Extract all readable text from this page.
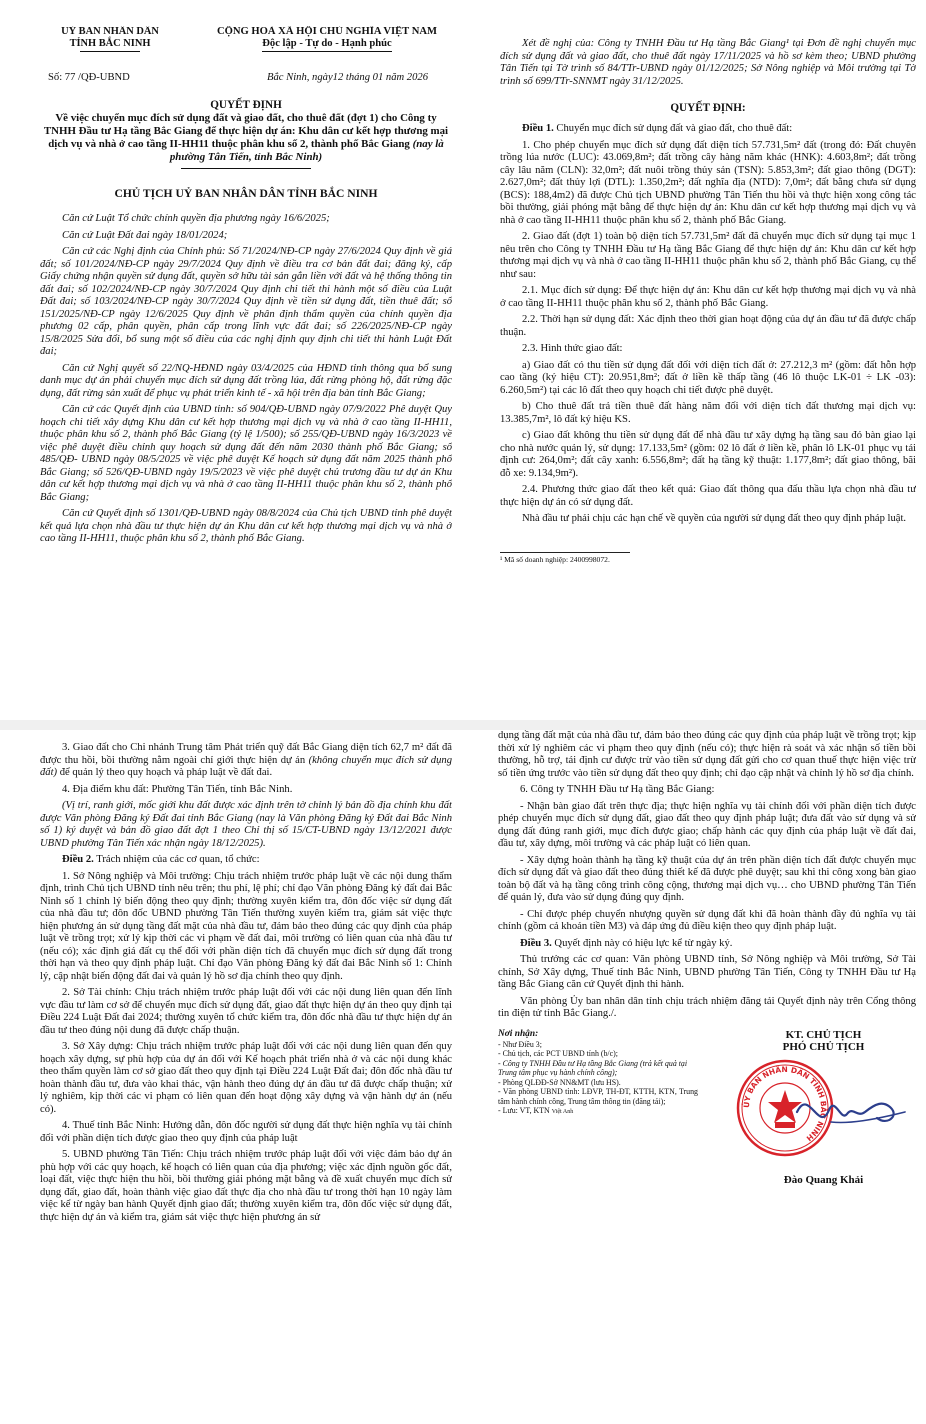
UỶ BAN NHÂN DÂN
TỈNH BẮC NINH
CỘNG HOÀ XÃ HỘI CHỦ NGHĨA VIỆT NAM
Độc lập - Tự do - Hạnh phúc
Số: 77 /QĐ-UBND	Bắc Ninh, ngày12 tháng 01 năm 2026
QUYẾT ĐỊNH
Về việc chuyển mục đích sử dụng đất và giao đất, cho thuê đất (đợt 1) cho Công ty TNHH Đầu tư Hạ tầng Bắc Giang để thực hiện dự án: Khu dân cư kết hợp thương mại dịch vụ và nhà ở cao tầng II-HH11 thuộc phân khu số 2, thành phố Bắc Giang (nay là phường Tân Tiến, tỉnh Bắc Ninh)
CHỦ TỊCH UỶ BAN NHÂN DÂN TỈNH BẮC NINH

Căn cứ Luật Tổ chức chính quyền địa phương ngày 16/6/2025;

Căn cứ Luật Đất đai ngày 18/01/2024;

Căn cứ các Nghị định của Chính phủ: Số 71/2024/NĐ-CP ngày 27/6/2024 Quy định về giá đất; số 101/2024/NĐ-CP ngày 29/7/2024 Quy định về điều tra cơ bản đất đai; đăng ký, cấp Giấy chứng nhận quyền sử dụng đất, quyền sở hữu tài sản gắn liền với đất và hệ thống thông tin đất đai; số 102/2024/NĐ-CP ngày 30/7/2024 Quy định chi tiết thi hành một số điều của Luật Đất đai; số 103/2024/NĐ-CP ngày 30/7/2024 Quy định về tiền sử dụng đất, tiền thuê đất; số 151/2025/NĐ-CP ngày 12/6/2025 Quy định về phân định thẩm quyền của chính quyền địa phương 02 cấp, phân quyền, phân cấp trong lĩnh vực đất đai; số 226/2025/NĐ-CP ngày 15/8/2025 Sửa đổi, bổ sung một số điều của các nghị định quy định chi tiết thi hành Luật Đất đai;

Căn cứ Nghị quyết số 22/NQ-HĐND ngày 03/4/2025 của HĐND tỉnh thông qua bổ sung danh mục dự án phải chuyển mục đích sử dụng đất trồng lúa, đất rừng phòng hộ, đất rừng đặc dụng, đất rừng sản xuất để phục vụ phát triển kinh tế - xã hội trên địa bàn tỉnh Bắc Giang;

Căn cứ các Quyết định của UBND tỉnh: số 904/QĐ-UBND ngày 07/9/2022 Phê duyệt Quy hoạch chi tiết xây dựng Khu dân cư kết hợp thương mại dịch vụ và nhà ở cao tầng II-HH11, thuộc phân khu số 2, thành phố Bắc Giang (tỷ lệ 1/500); số 255/QĐ-UBND ngày 16/3/2023 về việc phê duyệt điều chỉnh quy hoạch sử dụng đất đến năm 2030 thành phố Bắc Giang; số 485/QĐ- UBND ngày 08/5/2025 về việc phê duyệt Kế hoạch sử dụng đất năm 2025 thành phố Bắc Giang; số 526/QĐ-UBND ngày 19/5/2023 về việc phê duyệt chủ trương đầu tư dự án Khu dân cư kết hợp thương mại dịch vụ và nhà ở cao tầng II-HH11 thuộc phân khu số 2, thành phố Bắc Giang;

Căn cứ Quyết định số 1301/QĐ-UBND ngày 08/8/2024 của Chủ tịch UBND tỉnh phê duyệt kết quả lựa chọn nhà đầu tư thực hiện dự án Khu dân cư kết hợp thương mại dịch vụ và nhà ở cao tầng II-HH11, thuộc phân khu số 2, thành phố Bắc Giang.

Xét đề nghị của: Công ty TNHH Đầu tư Hạ tầng Bắc Giang¹ tại Đơn đề nghị chuyển mục đích sử dụng đất và giao đất, cho thuê đất ngày 17/11/2025 và hồ sơ kèm theo; UBND phường Tân Tiến tại Tờ trình số 84/TTr-UBND ngày 01/12/2025; Sở Nông nghiệp và Môi trường tại Tờ trình số 699/TTr-SNNMT ngày 31/12/2025.

QUYẾT ĐỊNH:

Điều 1. Chuyển mục đích sử dụng đất và giao đất, cho thuê đất:

1. Cho phép chuyển mục đích sử dụng đất diện tích 57.731,5m² đất (trong đó: Đất chuyên trồng lúa nước (LUC): 43.069,8m²; đất trồng cây hàng năm khác (HNK): 4.603,8m²; đất trồng cây lâu năm (CLN): 32,0m²; đất nuôi trồng thủy sản (TSN): 5.853,3m²; đất giao thông (DGT): 2.627,0m²; đất thủy lợi (DTL): 1.350,2m²; đất nghĩa địa (NTD): 7,0m²; đất bằng chưa sử dụng (BCS): 188,4m2) đã được Chủ tịch UBND phường Tân Tiến thu hồi và thực hiện xong công tác bồi thường, giải phóng mặt bằng để thực hiện dự án: Khu dân cư kết hợp thương mại dịch vụ và nhà ở cao tầng II-HH11 thuộc phân khu số 2, thành phố Bắc Giang.

2. Giao đất (đợt 1) toàn bộ diện tích 57.731,5m² đất đã chuyển mục đích sử dụng tại mục 1 nêu trên cho Công ty TNHH Đầu tư Hạ tầng Bắc Giang để thực hiện dự án: Khu dân cư kết hợp thương mại dịch vụ và nhà ở cao tầng II-HH11 thuộc phân khu số 2, thành phố Bắc Giang, cụ thể như sau:

2.1. Mục đích sử dụng: Để thực hiện dự án: Khu dân cư kết hợp thương mại dịch vụ và nhà ở cao tầng II-HH11 thuộc phân khu số 2, thành phố Bắc Giang.

2.2. Thời hạn sử dụng đất: Xác định theo thời gian hoạt động của dự án đầu tư đã được chấp thuận.

2.3. Hình thức giao đất:

a) Giao đất có thu tiền sử dụng đất đối với diện tích đất ở: 27.212,3 m² (gồm: đất hỗn hợp cao tầng (ký hiệu CT): 20.951,8m²; đất ở liền kề thấp tầng (46 lô thuộc LK-01 ÷ LK -03): 6.260,5m²) tại các lô đất theo quy hoạch chi tiết được phê duyệt.

b) Cho thuê đất trả tiền thuê đất hàng năm đối với diện tích đất thương mại dịch vụ: 13.385,7m², lô đất ký hiệu KS.

c) Giao đất không thu tiền sử dụng đất để nhà đầu tư xây dựng hạ tầng sau đó bàn giao lại cho nhà nước quản lý, sử dụng: 17.133,5m² (gồm: 02 lô đất ở liền kề, phân lô LK-01 phục vụ tái định cư: 264,0m²; đất cây xanh: 6.556,8m²; đất hạ tầng kỹ thuật: 1.177,8m²; đất giao thông, bãi đỗ xe: 9.134,9m²).

2.4. Phương thức giao đất theo kết quả: Giao đất thông qua đấu thầu lựa chọn nhà đầu tư thực hiện dự án có sử dụng đất.

Nhà đầu tư phải chịu các hạn chế về quyền của người sử dụng đất theo quy định pháp luật.

¹ Mã số doanh nghiệp: 2400998072.

3. Giao đất cho Chi nhánh Trung tâm Phát triển quỹ đất Bắc Giang diện tích 62,7 m² đất đã được thu hồi, bồi thường nằm ngoài chỉ giới thực hiện dự án (không chuyển mục đích sử dụng đất) để quản lý theo quy hoạch và pháp luật về đất đai.

4. Địa điểm khu đất: Phường Tân Tiến, tỉnh Bắc Ninh.

(Vị trí, ranh giới, mốc giới khu đất được xác định trên tờ chỉnh lý bản đồ địa chính khu đất được Văn phòng Đăng ký Đất đai tỉnh Bắc Giang (nay là Văn phòng Đăng ký Đất đai Bắc Ninh số 1) ký duyệt và bản đồ giao đất đợt 1 theo Chỉ thị số 15/CT-UBND ngày 13/12/2021 được UBND phường Tân Tiến xác nhận ngày 18/12/2025).

Điều 2. Trách nhiệm của các cơ quan, tổ chức:

1. Sở Nông nghiệp và Môi trường: Chịu trách nhiệm trước pháp luật về các nội dung thẩm định, trình Chủ tịch UBND tỉnh nêu trên; thu phí, lệ phí; chỉ đạo Văn phòng Đăng ký đất đai Bắc Ninh số 1 chỉnh lý biến động theo quy định; thường xuyên kiểm tra, đôn đốc việc sử dụng đất của nhà đầu tư; đôn đốc UBND phường Tân Tiến thường xuyên kiểm tra, giám sát việc thực hiện phương án sử dụng tầng đất mặt của nhà đầu tư, đảm bảo theo đúng các quy định của pháp luật về trồng trọt; xử lý kịp thời các vi phạm về đất đai, môi trường có liên quan của nhà đầu tư (nếu có); xác định giá đất cụ thể đối với phần diện tích đã chuyển mục đích sử dụng đất trong thời hạn và theo quy định pháp luật. Chỉ đạo Văn phòng Đăng ký đất đai Bắc Ninh số 1: Chỉnh lý, cập nhật biến động đất đai và quản lý hồ sơ địa chính theo quy định.

2. Sở Tài chính: Chịu trách nhiệm trước pháp luật đối với các nội dung liên quan đến lĩnh vực đầu tư làm cơ sở để chuyển mục đích sử dụng đất, giao đất thực hiện dự án theo quy định tại Điều 224 Luật Đất đai 2024; thường xuyên tổ chức kiểm tra, đôn đốc nhà đầu tư thực hiện dự án đầu tư theo đúng nội dung đã được chấp thuận.

3. Sở Xây dựng: Chịu trách nhiệm trước pháp luật đối với các nội dung liên quan đến quy hoạch xây dựng, sự phù hợp của dự án đối với Kế hoạch phát triển nhà ở và các nội dung khác theo thẩm quyền làm cơ sở giao đất theo quy định tại Điều 224 Luật Đất đai; đôn đốc nhà đầu tư hoàn thành đầu tư, đưa vào khai thác, vận hành theo đúng dự án đầu tư đã được chấp thuận; xử lý nghiêm, kịp thời các vi phạm có liên quan đến hoạt động xây dựng và vận hành dự án (nếu có).

4. Thuế tỉnh Bắc Ninh: Hướng dẫn, đôn đốc người sử dụng đất thực hiện nghĩa vụ tài chính đối với phần diện tích được giao theo quy định của pháp luật

5. UBND phường Tân Tiến: Chịu trách nhiệm trước pháp luật đối với việc đảm bảo dự án phù hợp với các quy hoạch, kế hoạch có liên quan của địa phương; việc xác định nguồn gốc đất, loại đất, việc thực hiện thu hồi, bồi thường giải phóng mặt bằng và đề xuất chuyển mục đích sử dụng đất, giao đất, hoàn thành việc giao đất thực địa cho nhà đầu tư trong thời hạn 10 ngày làm việc kể từ ngày ban hành Quyết định giao đất; thường xuyên kiểm tra, đôn đốc việc sử dụng đất, thực hiện dự án và kiểm tra, giám sát việc thực hiện phương án sử

dụng tầng đất mặt của nhà đầu tư, đảm bảo theo đúng các quy định của pháp luật về trồng trọt; kịp thời xử lý nghiêm các vi phạm theo quy định (nếu có); thực hiện rà soát và xác nhận số tiền bồi thường, hỗ trợ, tái định cư được trừ vào tiền sử dụng đất gửi cho cơ quan thuế thực hiện việc trừ số tiền ứng trước vào tiền sử dụng đất theo quy định; chỉ đạo cập nhật và chỉnh lý hồ sơ địa chính.

6. Công ty TNHH Đầu tư Hạ tầng Bắc Giang:

- Nhận bàn giao đất trên thực địa; thực hiện nghĩa vụ tài chính đối với phần diện tích được phép chuyển mục đích sử dụng đất, giao đất theo quy định pháp luật; đưa đất vào sử dụng và sử dụng đất đúng ranh giới, mục đích được giao; chấp hành các quy định của pháp luật về đất đai, đầu tư, xây dựng, môi trường và các pháp luật có liên quan.

- Xây dựng hoàn thành hạ tầng kỹ thuật của dự án trên phần diện tích đất được chuyển mục đích sử dụng đất và giao đất theo đúng thiết kế đã được phê duyệt; sau khi thi công xong bàn giao toàn bộ đất và hạ tầng công trình công cộng, thương mại dịch vụ… cho UBND phường Tân Tiến để quản lý, đưa vào sử dụng đúng quy định.

- Chỉ được phép chuyển nhượng quyền sử dụng đất khi đã hoàn thành đầy đủ nghĩa vụ tài chính (gồm cả khoản tiền M3) và đáp ứng đủ điều kiện theo quy định pháp luật.

Điều 3. Quyết định này có hiệu lực kể từ ngày ký.

Thủ trưởng các cơ quan: Văn phòng UBND tỉnh, Sở Nông nghiệp và Môi trường, Sở Tài chính, Sở Xây dựng, Thuế tỉnh Bắc Ninh, UBND phường Tân Tiến, Công ty TNHH Đầu tư Hạ tầng Bắc Giang căn cứ Quyết định thi hành.

Văn phòng Ủy ban nhân dân tỉnh chịu trách nhiệm đăng tải Quyết định này trên Cổng thông tin điện tử tỉnh Bắc Giang./.

Nơi nhận:
- Như Điều 3;
- Chủ tịch, các PCT UBND tỉnh (b/c);
- Công ty TNHH Đầu tư Hạ tầng Bắc Giang (trả kết quả tại Trung tâm phục vụ hành chính công);
- Phòng QLĐĐ-Sở NN&MT (lưu HS).
- Văn phòng UBND tỉnh: LĐVP, TH-ĐT, KTTH, KTN, Trung tâm hành chính công, Trung tâm thông tin (đăng tải);
- Lưu: VT, KTN Việt Anh
KT. CHỦ TỊCH
PHÓ CHỦ TỊCH
ỦY BAN NHÂN DÂN TỈNH BẮC NINH
Đào Quang Khải
